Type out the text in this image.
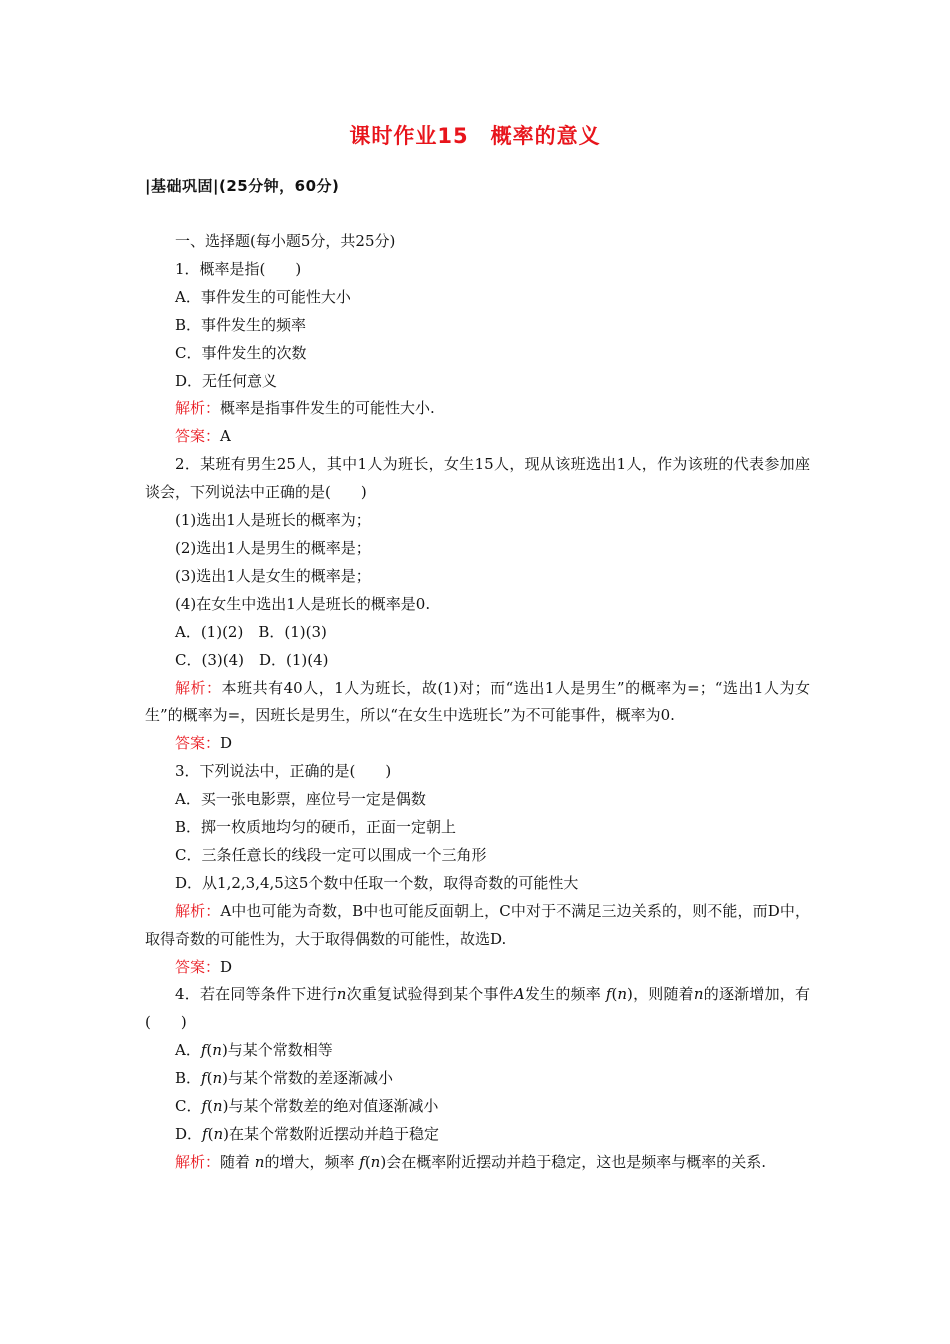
课时作业15　概率的意义
|基础巩固|(25分钟，60分)
一、选择题(每小题5分，共25分)
1．概率是指(　　)
A．事件发生的可能性大小
B．事件发生的频率
C．事件发生的次数
D．无任何意义
解析：概率是指事件发生的可能性大小.
答案：A
2．某班有男生25人，其中1人为班长，女生15人，现从该班选出1人，作为该班的代表参加座谈会，下列说法中正确的是(　　)
(1)选出1人是班长的概率为；
(2)选出1人是男生的概率是；
(3)选出1人是女生的概率是；
(4)在女生中选出1人是班长的概率是0.
A．(1)(2)　B．(1)(3)
C．(3)(4)　D．(1)(4)
解析：本班共有40人，1人为班长，故(1)对；而“选出1人是男生”的概率为=；“选出1人为女生”的概率为=，因班长是男生，所以“在女生中选班长”为不可能事件，概率为0.
答案：D
3．下列说法中，正确的是(　　)
A．买一张电影票，座位号一定是偶数
B．掷一枚质地均匀的硬币，正面一定朝上
C．三条任意长的线段一定可以围成一个三角形
D．从1,2,3,4,5这5个数中任取一个数，取得奇数的可能性大
解析：A中也可能为奇数，B中也可能反面朝上，C中对于不满足三边关系的，则不能，而D中，取得奇数的可能性为，大于取得偶数的可能性，故选D.
答案：D
4．若在同等条件下进行n次重复试验得到某个事件A发生的频率 f(n)，则随着n的逐渐增加，有(　　)
A．f(n)与某个常数相等
B．f(n)与某个常数的差逐渐减小
C．f(n)与某个常数差的绝对值逐渐减小
D．f(n)在某个常数附近摆动并趋于稳定
解析：随着 n的增大，频率 f(n)会在概率附近摆动并趋于稳定，这也是频率与概率的关系.
